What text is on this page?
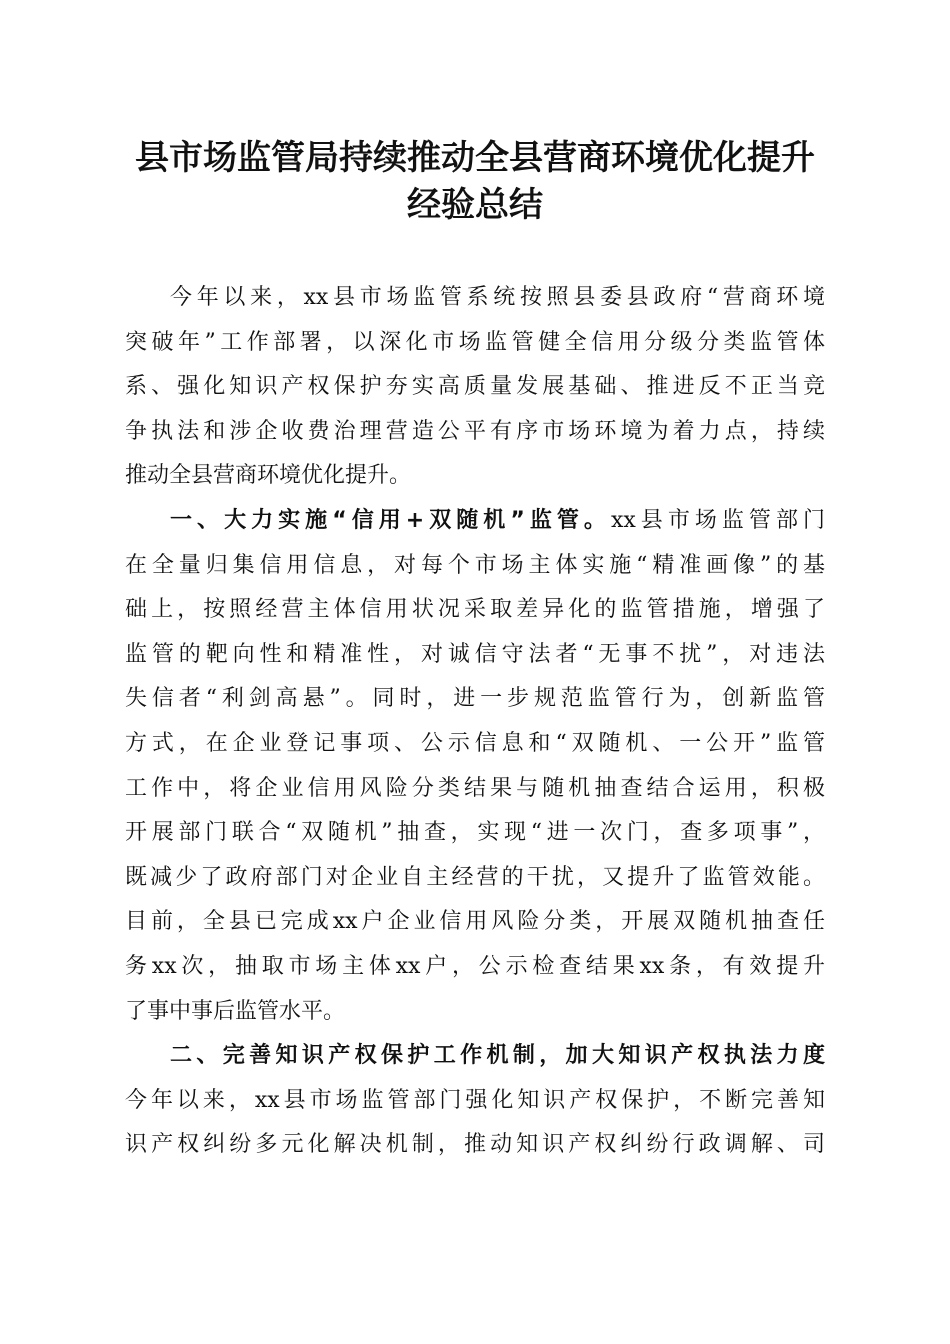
县市场监管局持续推动全县营商环境优化提升
经验总结
今年以来，xx县市场监管系统按照县委县政府“营商环境
突破年”工作部署，以深化市场监管健全信用分级分类监管体
系、强化知识产权保护夯实高质量发展基础、推进反不正当竞
争执法和涉企收费治理营造公平有序市场环境为着力点，持续
推动全县营商环境优化提升。
一、大力实施“信用+双随机”监管。xx县市场监管部门
在全量归集信用信息，对每个市场主体实施“精准画像”的基
础上，按照经营主体信用状况采取差异化的监管措施，增强了
监管的靶向性和精准性，对诚信守法者“无事不扰”，对违法
失信者“利剑高悬”。同时，进一步规范监管行为，创新监管
方式，在企业登记事项、公示信息和“双随机、一公开”监管
工作中，将企业信用风险分类结果与随机抽查结合运用，积极
开展部门联合“双随机”抽查，实现“进一次门，查多项事”，
既减少了政府部门对企业自主经营的干扰，又提升了监管效能。
目前，全县已完成xx户企业信用风险分类，开展双随机抽查任
务xx次，抽取市场主体xx户，公示检查结果xx条，有效提升
了事中事后监管水平。
二、完善知识产权保护工作机制，加大知识产权执法力度
今年以来，xx县市场监管部门强化知识产权保护，不断完善知
识产权纠纷多元化解决机制，推动知识产权纠纷行政调解、司
